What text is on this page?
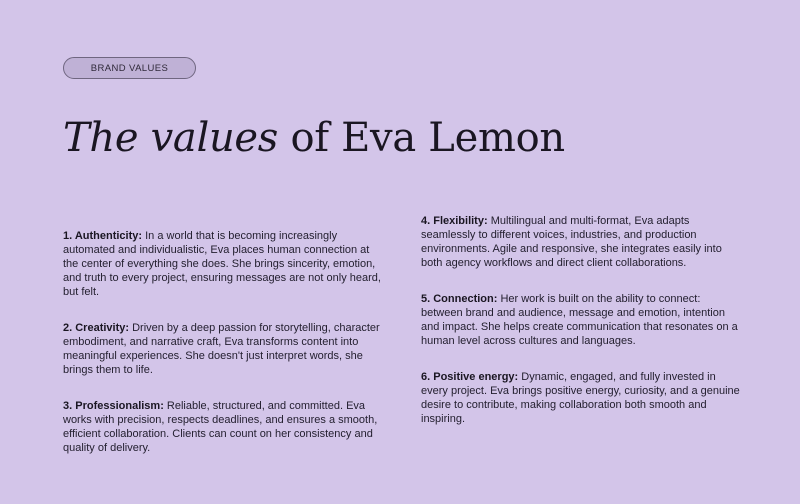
BRAND VALUES
The values of Eva Lemon

1. Authenticity: In a world that is becoming increasingly automated and individualistic, Eva places human connection at the center of everything she does. She brings sincerity, emotion, and truth to every project, ensuring messages are not only heard, but felt.

2. Creativity: Driven by a deep passion for storytelling, character embodiment, and narrative craft, Eva transforms content into meaningful experiences. She doesn't just interpret words, she brings them to life.

3. Professionalism: Reliable, structured, and committed. Eva works with precision, respects deadlines, and ensures a smooth, efficient collaboration. Clients can count on her consistency and quality of delivery.

4. Flexibility: Multilingual and multi-format, Eva adapts seamlessly to different voices, industries, and production environments. Agile and responsive, she integrates easily into both agency workflows and direct client collaborations.

5. Connection: Her work is built on the ability to connect: between brand and audience, message and emotion, intention and impact. She helps create communication that resonates on a human level across cultures and languages.

6. Positive energy: Dynamic, engaged, and fully invested in every project. Eva brings positive energy, curiosity, and a genuine desire to contribute, making collaboration both smooth and inspiring.
